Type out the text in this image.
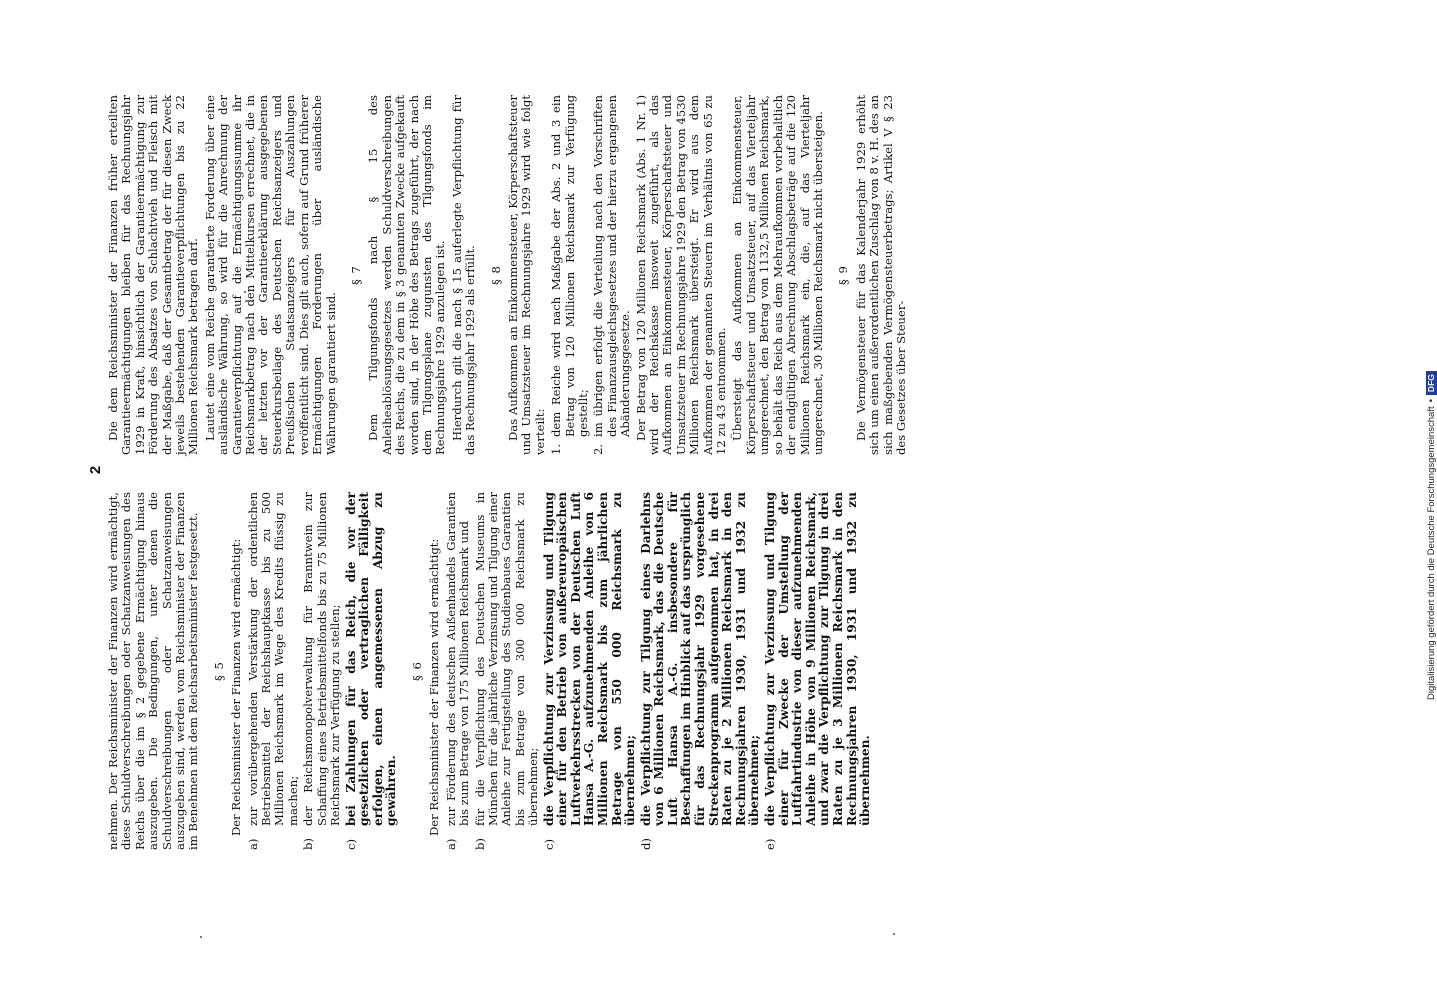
Digitalisierung gefördert durch die Deutsche Forschungsgemeinschaft
•
DFG
2

nehmen. Der Reichsminister der Finanzen wird ermächtigt, diese Schuldverschreibungen oder Schatzanweisungen des Reichs über die im § 2 gegebene Ermächtigung hinaus auszugeben. Die Bedingungen, unter denen die Schuldverschreibungen oder Schatzanweisungen auszugeben sind, werden vom Reichsminister der Finanzen im Benehmen mit dem Reichsarbeitsminister festgesetzt. § 5 Der Reichsminister der Finanzen wird ermächtigt:

a)
zur vorübergehenden Verstärkung der ordentlichen Betriebsmittel der Reichshauptkasse bis zu 500 Millionen Reichsmark im Wege des Kredits flüssig zu machen;
b)
der Reichsmonopolverwaltung für Branntwein zur Schaffung eines Betriebsmittelfonds bis zu 75 Millionen Reichsmark zur Verfügung zu stellen;
c)
bei Zahlungen für das Reich, die vor der gesetzlichen oder vertraglichen Fälligkeit erfolgen, einen angemessenen Abzug zu gewähren.
§ 6 Der Reichsminister der Finanzen wird ermächtigt:

a)
zur Förderung des deutschen Außenhandels Garantien bis zum Betrage von 175 Millionen Reichsmark und
b)
für die Verpflichtung des Deutschen Museums in München für die jährliche Verzinsung und Tilgung einer Anleihe zur Fertigstellung des Studienbaues Garantien bis zum Betrage von 300 000 Reichsmark zu übernehmen;
c)
die Verpflichtung zur Verzinsung und Tilgung einer für den Betrieb von außereuropäischen Luftverkehrsstrecken von der Deutschen Luft Hansa A.-G. aufzunehmenden Anleihe von 6 Millionen Reichsmark bis zum jährlichen Betrage von 550 000 Reichsmark zu übernehmen;
d)
die Verpflichtung zur Tilgung eines Darlehns von 6 Millionen Reichsmark, das die Deutsche Luft Hansa A.-G. insbesondere für Beschaffungen im Hinblick auf das ursprünglich für das Rechnungsjahr 1929 vorgesehene Streckenprogramm aufgenommen hat, in drei Raten zu je 2 Millionen Reichsmark in den Rechnungsjahren 1930, 1931 und 1932 zu übernehmen;
e)
die Verpflichtung zur Verzinsung und Tilgung einer für Zwecke der Umstellung der Luftfahrtindustrie von dieser aufzunehmenden Anleihe in Höhe von 9 Millionen Reichsmark, und zwar die Verpflichtung zur Tilgung in drei Raten zu je 3 Millionen Reichsmark in den Rechnungsjahren 1930, 1931 und 1932 zu übernehmen.

Die dem Reichsminister der Finanzen früher erteilten Garantieermächtigungen bleiben für das Rechnungsjahr 1929 in Kraft, hinsichtlich der Garantieermächtigung zur Förderung des Absatzes von Schlachtvieh und Fleisch mit der Maßgabe, daß der Gesamtbetrag der für diesen Zweck jeweils bestehenden Garantieverpflichtungen bis zu 22 Millionen Reichsmark betragen darf. Lautet eine vom Reiche garantierte Forderung über eine ausländische Währung, so wird für die Anrechnung der Garantieverpflichtung auf die Ermächtigungssumme ihr Reichsmarkbetrag nach den Mittelkursen errechnet, die in der letzten vor der Garantieerklärung ausgegebenen Steuerkursbeilage des Deutschen Reichsanzeigers und Preußischen Staatsanzeigers für Auszahlungen veröffentlicht sind. Dies gilt auch, sofern auf Grund früherer Ermächtigungen Forderungen über ausländische Währungen garantiert sind.

§ 7 Dem Tilgungsfonds nach § 15 des Anleiheablösungsgesetzes werden Schuldverschreibungen des Reichs, die zu dem in § 3 genannten Zwecke aufgekauft worden sind, in der Höhe des Betrags zugeführt, der nach dem Tilgungsplane zugunsten des Tilgungsfonds im Rechnungsjahre 1929 anzulegen ist. Hierdurch gilt die nach § 15 auferlegte Verpflichtung für das Rechnungsjahr 1929 als erfüllt. § 8 Das Aufkommen an Einkommensteuer, Körperschaftsteuer und Umsatzsteuer im Rechnungsjahre 1929 wird wie folgt verteilt: 1.
dem Reiche wird nach Maßgabe der Abs. 2 und 3 ein Betrag von 120 Millionen Reichsmark zur Verfügung gestellt;
2.
im übrigen erfolgt die Verteilung nach den Vorschriften des Finanzausgleichsgesetzes und der hierzu ergangenen Abänderungsgesetze. Der Betrag von 120 Millionen Reichsmark (Abs. 1 Nr. 1) wird der Reichskasse insoweit zugeführt, als das Aufkommen an Einkommensteuer, Körperschaftsteuer und Umsatzsteuer im Rechnungsjahre 1929 den Betrag von 4530 Millionen Reichsmark übersteigt. Er wird aus dem Aufkommen der genannten Steuern im Verhältnis von 65 zu 12 zu 43 entnommen. Übersteigt das Aufkommen an Einkommensteuer, Körperschaftsteuer und Umsatzsteuer, auf das Vierteljahr umgerechnet, den Betrag von 1132,5 Millionen Reichsmark, so behält das Reich aus dem Mehraufkommen vorbehaltlich der endgültigen Abrechnung Abschlagsbeträge auf die 120 Millionen Reichsmark ein, die, auf das Vierteljahr umgerechnet, 30 Millionen Reichsmark nicht übersteigen. § 9 Die Vermögensteuer für das Kalenderjahr 1929 erhöht sich um einen außerordentlichen Zuschlag von 8 v. H. des an sich maßgebenden Vermögensteuerbetrags; Artikel V § 23 des Gesetzes über Steuer-
